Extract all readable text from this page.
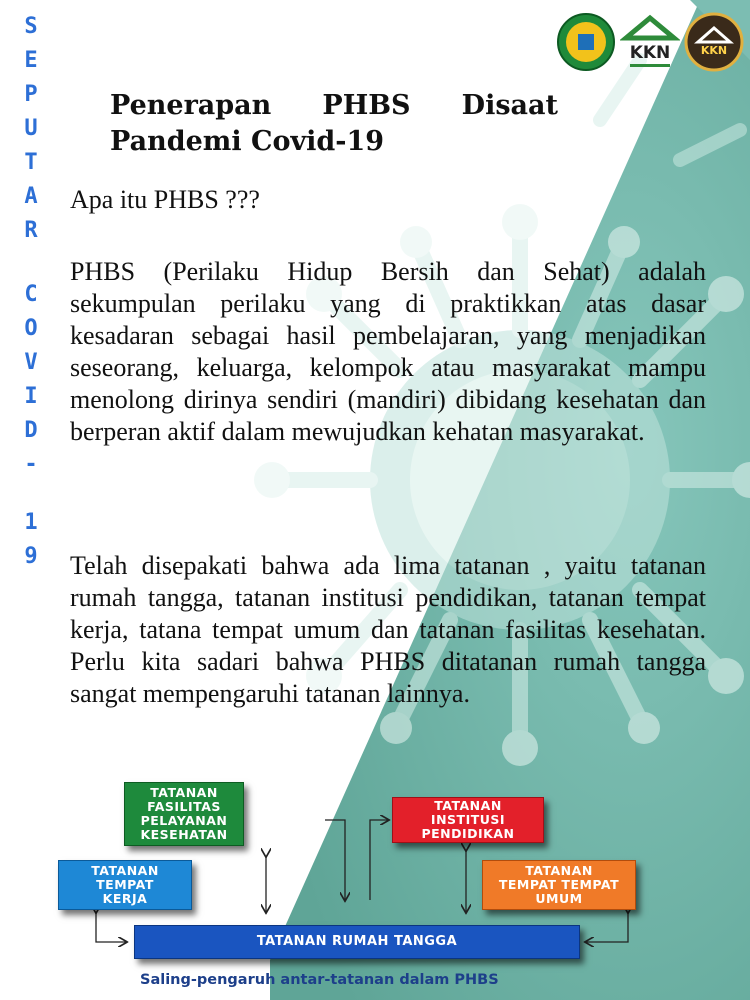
S
E
P
U
T
A
R
C
O
V
I
D
-
1
9
KKN	KKN
Penerapan PHBS Disaat
Pandemi Covid-19

Apa itu PHBS ???

PHBS (Perilaku Hidup Bersih dan Sehat) adalah sekumpulan perilaku yang di praktikkan atas dasar kesadaran sebagai hasil pembelajaran, yang menjadikan seseorang, keluarga, kelompok atau masyarakat mampu menolong dirinya sendiri (mandiri) dibidang kesehatan dan berperan aktif dalam mewujudkan kehatan masyarakat.

Telah disepakati bahwa ada lima tatanan , yaitu tatanan rumah tangga, tatanan institusi pendidikan, tatanan tempat kerja, tatana tempat umum dan tatanan fasilitas kesehatan. Perlu kita sadari bahwa PHBS ditatanan rumah tangga sangat mempengaruhi tatanan lainnya.

TATANAN
FASILITAS
PELAYANAN
KESEHATAN
TATANAN
INSTITUSI
PENDIDIKAN
TATANAN
TEMPAT
KERJA
TATANAN
TEMPAT TEMPAT
UMUM
TATANAN RUMAH TANGGA
Saling-pengaruh antar-tatanan dalam PHBS
